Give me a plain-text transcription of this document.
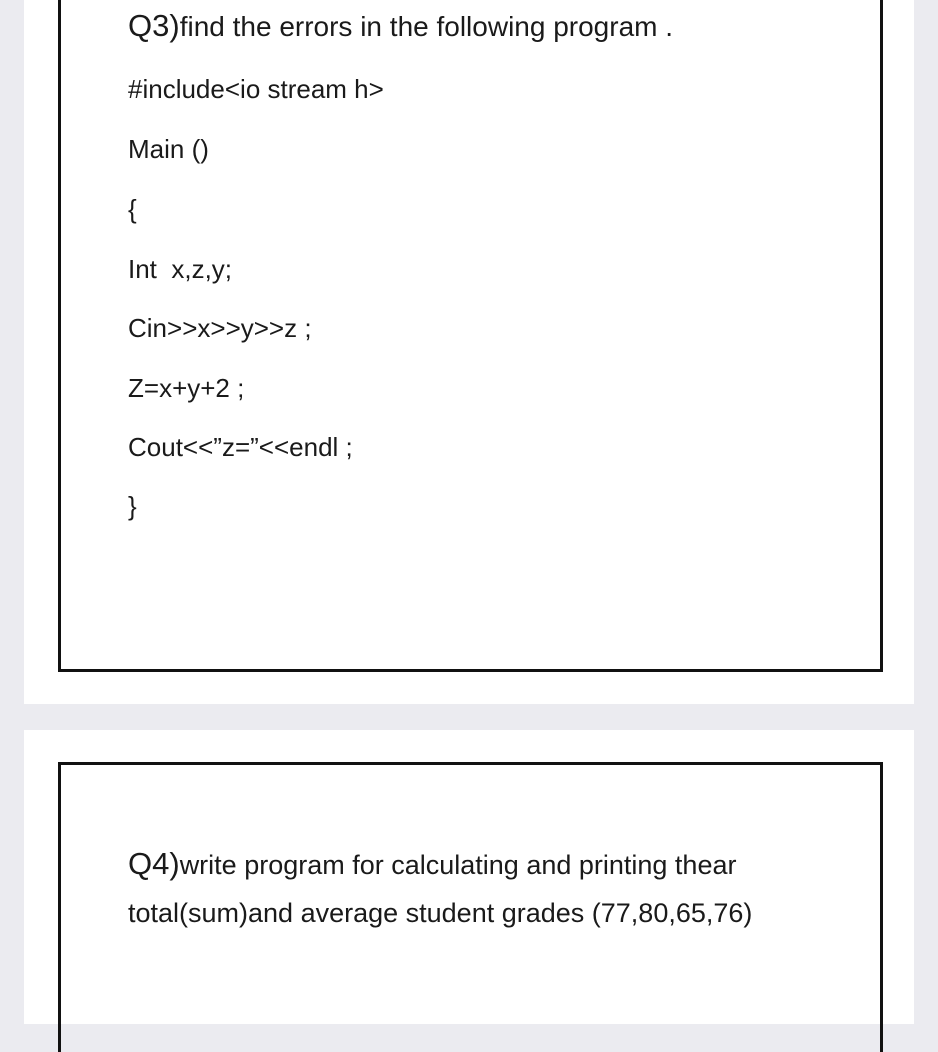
Q3)find the errors in the following program .
#include<io stream h>
Main ()
{
Int  x,z,y;
Cin>>x>>y>>z ;
Z=x+y+2 ;
Cout<<”z=”<<endl ;
}
Q4)write program for calculating and printing thear
total(sum)and average student grades (77,80,65,76)
